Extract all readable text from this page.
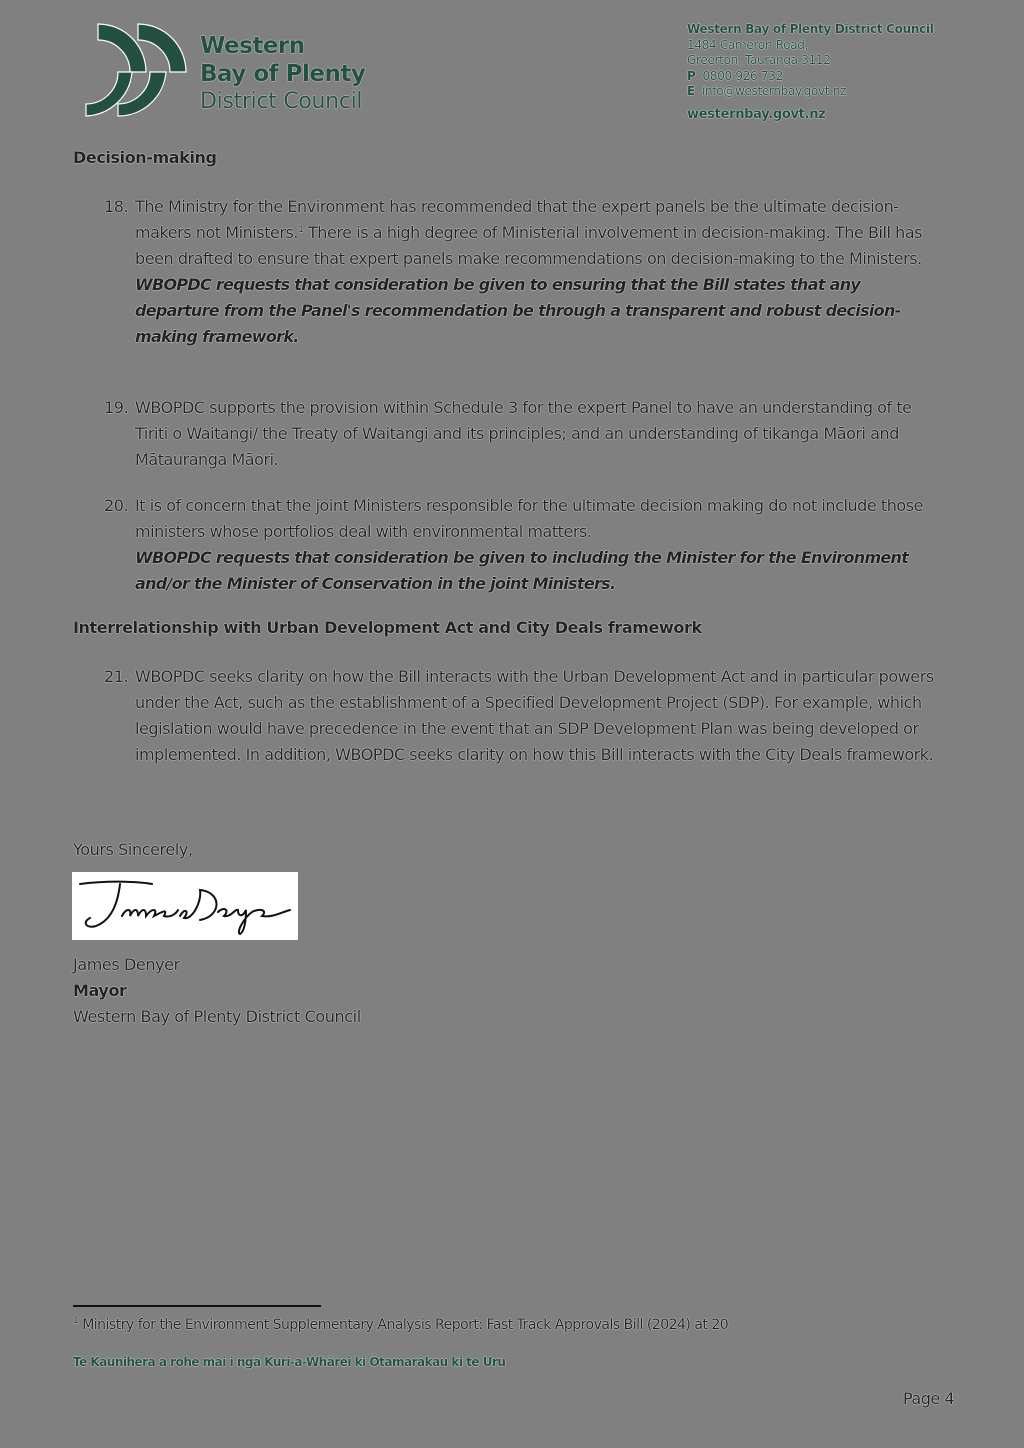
Western
Bay of Plenty
District Council
Western Bay of Plenty District Council
1484 Cameron Road,
Greerton, Tauranga 3112
P 0800 926 732
E info@westernbay.govt.nz
westernbay.govt.nz
Decision-making
18. The Ministry for the Environment has recommended that the expert panels be the ultimate decision-makers not Ministers.$^1$ There is a high degree of Ministerial involvement in decision-making. The Bill has been drafted to ensure that expert panels make recommendations on decision-making to the Ministers.
WBOPDC requests that consideration be given to ensuring that the Bill states that any departure from the Panel's recommendation be through a transparent and robust decision-making framework.
19. WBOPDC supports the provision within Schedule 3 for the expert Panel to have an understanding of te Tiriti o Waitangi/ the Treaty of Waitangi and its principles; and an understanding of tikanga Māori and Mātauranga Māori.
20. It is of concern that the joint Ministers responsible for the ultimate decision making do not include those ministers whose portfolios deal with environmental matters.
WBOPDC requests that consideration be given to including the Minister for the Environment and/or the Minister of Conservation in the joint Ministers.
Interrelationship with Urban Development Act and City Deals framework
21. WBOPDC seeks clarity on how the Bill interacts with the Urban Development Act and in particular powers under the Act, such as the establishment of a Specified Development Project (SDP). For example, which legislation would have precedence in the event that an SDP Development Plan was being developed or implemented. In addition, WBOPDC seeks clarity on how this Bill interacts with the City Deals framework.
Yours Sincerely,
James Denyer
Mayor
Western Bay of Plenty District Council
$^1$ Ministry for the Environment Supplementary Analysis Report: Fast Track Approvals Bill (2024) at 20
Te Kaunihera a rohe mai i ngā Kuri-a-Whārei ki Ōtamarākau ki te Uru
Page 4
